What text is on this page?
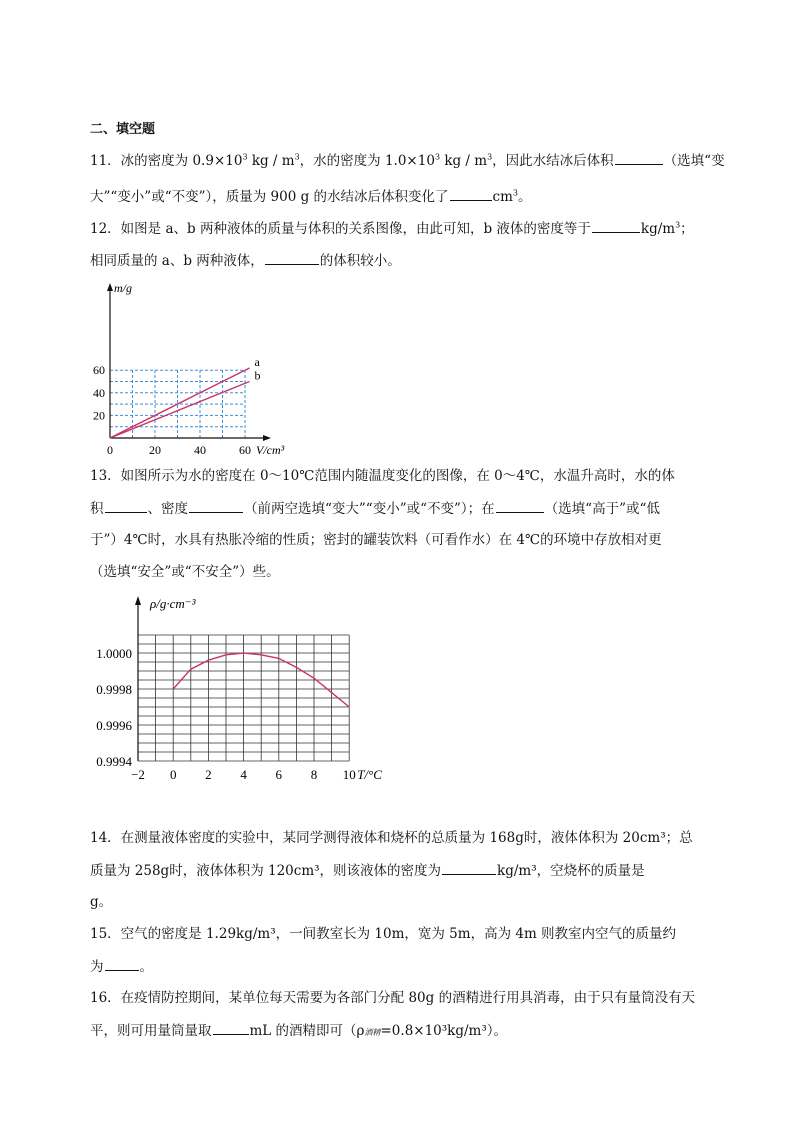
二、填空题
11．冰的密度为 $0.9\times 10^3$ kg / $m^3$，水的密度为 $1.0\times 10^3$ kg / $m^3$，因此水结冰后体积	（选填“变
大”“变小”或“不变”），质量为 900 g 的水结冰后体积变化了	$cm^3$。
12．如图是 a、b 两种液体的质量与体积的关系图像，由此可知，b 液体的密度等于	$kg/m^3$；
相同质量的 a、b 两种液体，	的体积较小。
0	20	40	60
20
40
60
m/g
V/cm³
a
b
13．如图所示为水的密度在 0～10℃范围内随温度变化的图像，在 0～4℃，水温升高时，水的体
积	、密度	（前两空选填“变大”“变小”或“不变”）；在	（选填“高于”或“低
于”）4℃时，水具有热胀冷缩的性质；密封的罐装饮料（可看作水）在 4℃的环境中存放相对更
（选填“安全”或“不安全”）些。
ρ/g·cm⁻³
1.0000
0.9998
0.9996
0.9994
−2 0 2 4 6 8 10 T/°C
14．在测量液体密度的实验中，某同学测得液体和烧杯的总质量为 168g时，液体体积为 20cm³；总
质量为 258g时，液体体积为 120cm³，则该液体的密度为	kg/m³，空烧杯的质量是
g。
15．空气的密度是 1.29kg/m³，一间教室长为 10m，宽为 5m，高为 4m 则教室内空气的质量约
为	。
16．在疫情防控期间，某单位每天需要为各部门分配 80g 的酒精进行用具消毒，由于只有量筒没有天
平，则可用量筒量取	mL 的酒精即可（ρ酒精=0.8×10³kg/m³）。
